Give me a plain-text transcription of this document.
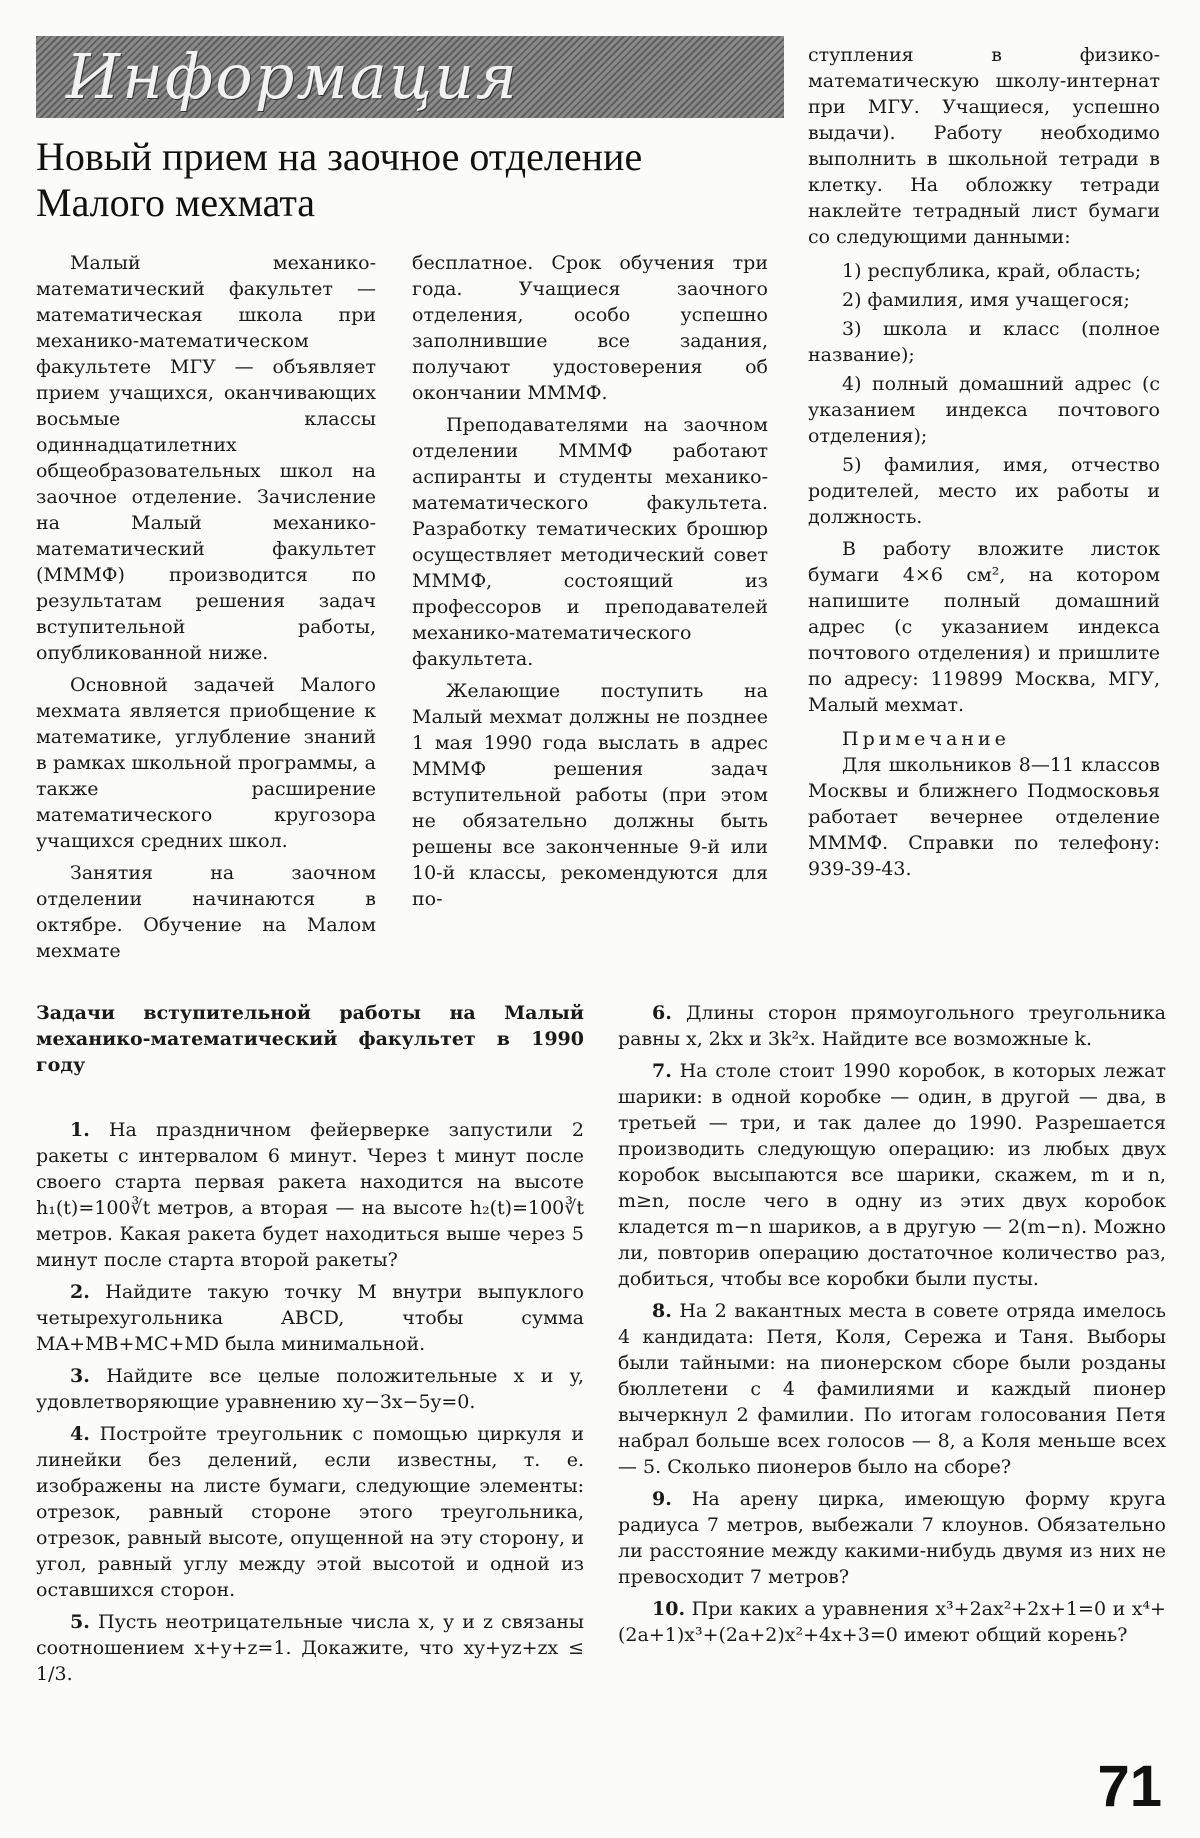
Информация
Новый прием на заочное отделение Малого мехмата

Малый механико-математический факультет — математическая школа при механико-математическом факультете МГУ — объявляет прием учащихся, оканчивающих восьмые классы одиннадцатилетних общеобразовательных школ на заочное отделение. Зачисление на Малый механико-математический факультет (МММФ) производится по результатам решения задач вступительной работы, опубликованной ниже.

Основной задачей Малого мехмата является приобщение к математике, углубление знаний в рамках школьной программы, а также расширение математического кругозора учащихся средних школ.

Занятия на заочном отделении начинаются в октябре. Обучение на Малом мехмате

бесплатное. Срок обучения три года. Учащиеся заочного отделения, особо успешно заполнившие все задания, получают удостоверения об окончании МММФ.

Преподавателями на заочном отделении МММФ работают аспиранты и студенты механико-математического факультета. Разработку тематических брошюр осуществляет методический совет МММФ, состоящий из профессоров и преподавателей механико-математического факультета.

Желающие поступить на Малый мехмат должны не позднее 1 мая 1990 года выслать в адрес МММФ решения задач вступительной работы (при этом не обязательно должны быть решены все законченные 9-й или 10-й классы, рекомендуются для по-

ступления в физико-математическую школу-интернат при МГУ. Учащиеся, успешно выдачи). Работу необходимо выполнить в школьной тетради в клетку. На обложку тетради наклейте тетрадный лист бумаги со следующими данными:

1) республика, край, область;
2) фамилия, имя учащегося;
3) школа и класс (полное название);
4) полный домашний адрес (с указанием индекса почтового отделения);
5) фамилия, имя, отчество родителей, место их работы и должность.

В работу вложите листок бумаги 4×6 см², на котором напишите полный домашний адрес (с указанием индекса почтового отделения) и пришлите по адресу: 119899 Москва, МГУ, Малый мехмат.

Примечание

Для школьников 8—11 классов Москвы и ближнего Подмосковья работает вечернее отделение МММФ. Справки по телефону: 939-39-43.

Задачи вступительной работы на Малый механико-математический факультет в 1990 году

1. На праздничном фейерверке запустили 2 ракеты с интервалом 6 минут. Через t минут после своего старта первая ракета находится на высоте h₁(t)=100∛t метров, а вторая — на высоте h₂(t)=100∛t метров. Какая ракета будет находиться выше через 5 минут после старта второй ракеты?

2. Найдите такую точку M внутри выпуклого четырехугольника ABCD, чтобы сумма MA+MB+MC+MD была минимальной.

3. Найдите все целые положительные x и y, удовлетворяющие уравнению xy−3x−5y=0.

4. Постройте треугольник с помощью циркуля и линейки без делений, если известны, т. е. изображены на листе бумаги, следующие элементы: отрезок, равный стороне этого треугольника, отрезок, равный высоте, опущенной на эту сторону, и угол, равный углу между этой высотой и одной из оставшихся сторон.

5. Пусть неотрицательные числа x, y и z связаны соотношением x+y+z=1. Докажите, что xy+yz+zx ≤ 1/3.

6. Длины сторон прямоугольного треугольника равны x, 2kx и 3k²x. Найдите все возможные k.

7. На столе стоит 1990 коробок, в которых лежат шарики: в одной коробке — один, в другой — два, в третьей — три, и так далее до 1990. Разрешается производить следующую операцию: из любых двух коробок высыпаются все шарики, скажем, m и n, m≥n, после чего в одну из этих двух коробок кладется m−n шариков, а в другую — 2(m−n). Можно ли, повторив операцию достаточное количество раз, добиться, чтобы все коробки были пусты.

8. На 2 вакантных места в совете отряда имелось 4 кандидата: Петя, Коля, Сережа и Таня. Выборы были тайными: на пионерском сборе были розданы бюллетени с 4 фамилиями и каждый пионер вычеркнул 2 фамилии. По итогам голосования Петя набрал больше всех голосов — 8, а Коля меньше всех — 5. Сколько пионеров было на сборе?

9. На арену цирка, имеющую форму круга радиуса 7 метров, выбежали 7 клоунов. Обязательно ли расстояние между какими-нибудь двумя из них не превосходит 7 метров?

10. При каких a уравнения x³+2ax²+2x+1=0 и x⁴+(2a+1)x³+(2a+2)x²+4x+3=0 имеют общий корень?

71
